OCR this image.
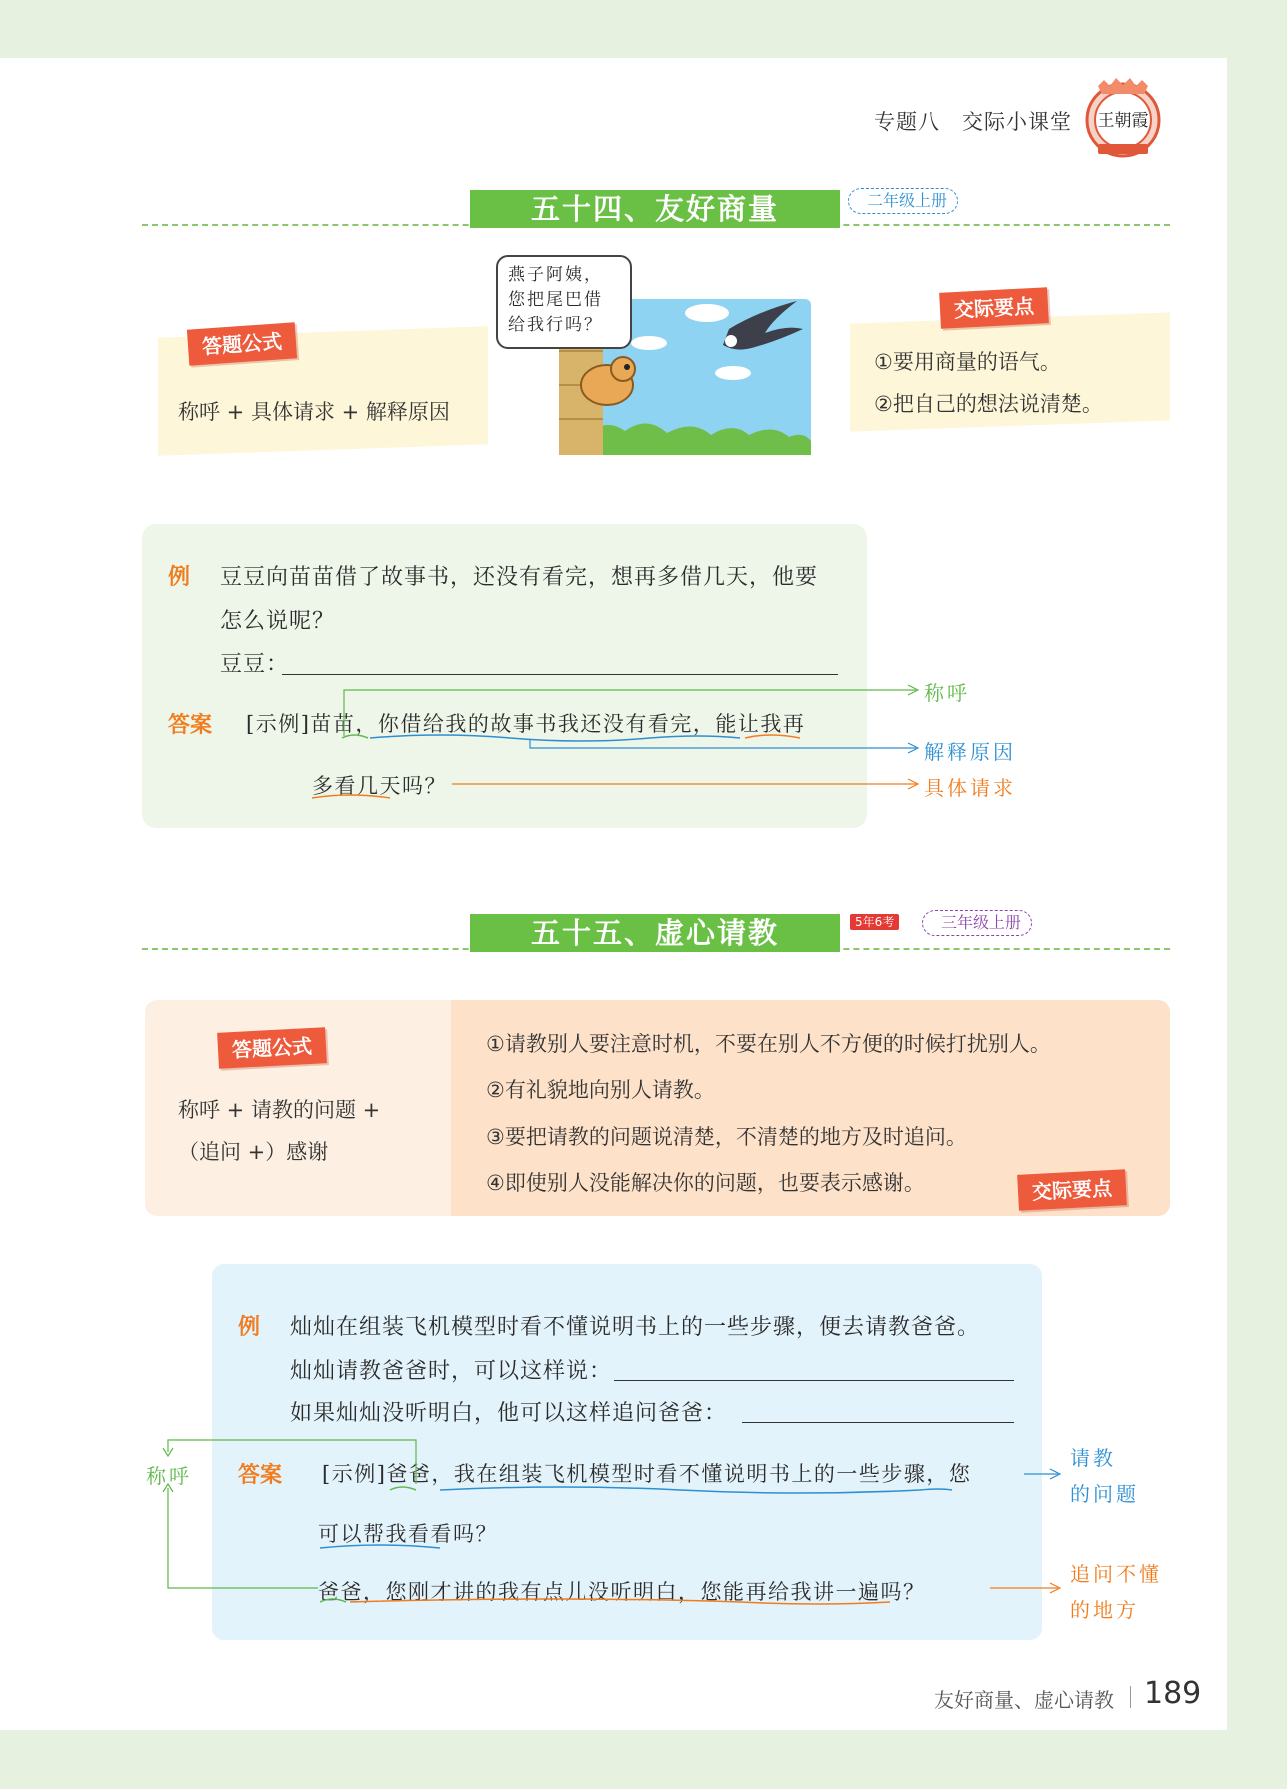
专题八 交际小课堂 王朝霞
五十四、友好商量	二年级上册
答题公式
称呼 + 具体请求 + 解释原因
燕子阿姨，
您把尾巴借
给我行吗？
交际要点
①要用商量的语气。
②把自己的想法说清楚。
例 豆豆向苗苗借了故事书，还没有看完，想再多借几天，他要
怎么说呢？
豆豆：
答案 [示例]苗苗，你借给我的故事书我还没有看完，能让我再
多看几天吗？
称呼
解释原因
具体请求
五十五、虚心请教	5年6考	三年级上册
答题公式
称呼 + 请教的问题 +
（追问 +）感谢
①请教别人要注意时机，不要在别人不方便的时候打扰别人。
②有礼貌地向别人请教。
③要把请教的问题说清楚，不清楚的地方及时追问。
④即使别人没能解决你的问题，也要表示感谢。	交际要点
例 灿灿在组装飞机模型时看不懂说明书上的一些步骤，便去请教爸爸。
灿灿请教爸爸时，可以这样说：
如果灿灿没听明白，他可以这样追问爸爸：
答案 [示例]爸爸，我在组装飞机模型时看不懂说明书上的一些步骤，您
可以帮我看看吗？
爸爸，您刚才讲的我有点儿没听明白，您能再给我讲一遍吗？
称呼
请教
的问题
追问不懂
的地方
友好商量、虚心请教 189
